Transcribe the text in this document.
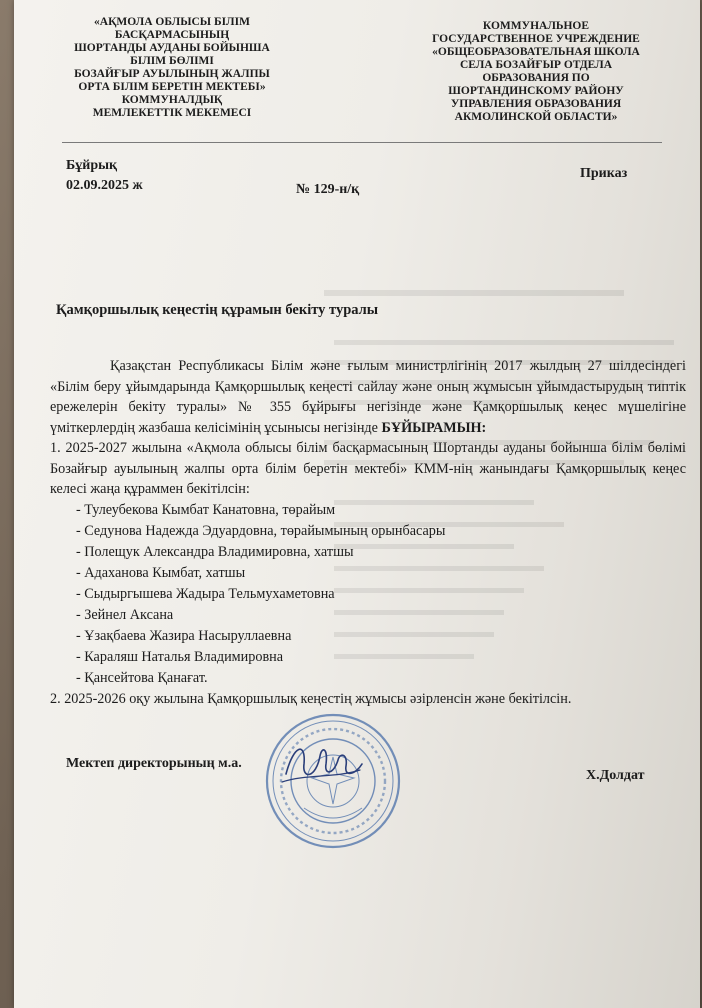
«АҚМОЛА ОБЛЫСЫ БІЛІМ
БАСҚАРМАСЫНЫҢ
ШОРТАНДЫ АУДАНЫ БОЙЫНША
БІЛІМ БӨЛІМІ
БОЗАЙҒЫР АУЫЛЫНЫҢ ЖАЛПЫ
ОРТА БІЛІМ БЕРЕТІН МЕКТЕБІ»
КОММУНАЛДЫҚ
МЕМЛЕКЕТТІК МЕКЕМЕСІ
КОММУНАЛЬНОЕ
ГОСУДАРСТВЕННОЕ УЧРЕЖДЕНИЕ
«ОБЩЕОБРАЗОВАТЕЛЬНАЯ ШКОЛА
СЕЛА БОЗАЙҒЫР ОТДЕЛА
ОБРАЗОВАНИЯ ПО
ШОРТАНДИНСКОМУ РАЙОНУ
УПРАВЛЕНИЯ ОБРАЗОВАНИЯ
АКМОЛИНСКОЙ ОБЛАСТИ»
Бұйрық
Приказ
02.09.2025 ж	№ 129-н/қ
Қамқоршылық кеңестің құрамын бекіту туралы

Қазақстан Республикасы Білім және ғылым министрлігінің 2017 жылдың 27 шілдесіндегі «Білім беру ұйымдарында Қамқоршылық кеңесті сайлау және оның жұмысын ұйымдастырудың типтік ережелерін бекіту туралы» № 355 бұйрығы негізінде және Қамқоршылық кеңес мүшелігіне үміткерлердің жазбаша келісімінің ұсынысы негізінде БҰЙЫРАМЫН:

1. 2025-2027 жылына «Ақмола облысы білім басқармасының Шортанды ауданы бойынша білім бөлімі Бозайғыр ауылының жалпы орта білім беретін мектебі» КММ-нің жанындағы Қамқоршылық кеңес келесі жаңа құраммен бекітілсін:

- Тулеубекова Кымбат Канатовна, төрайым
- Седунова Надежда Эдуардовна, төрайымының орынбасары
- Полещук Александра Владимировна, хатшы
- Адаханова Кымбат, хатшы
- Сыдыргышева Жадыра Тельмухаметовна
- Зейнел Аксана
- Ұзақбаева Жазира Насыруллаевна
- Караляш Наталья Владимировна
- Қансейтова Қанағат.

2. 2025-2026 оқу жылына Қамқоршылық кеңестің жұмысы әзірленсін және бекітілсін.

Мектеп директорының м.а.
Х.Долдат
